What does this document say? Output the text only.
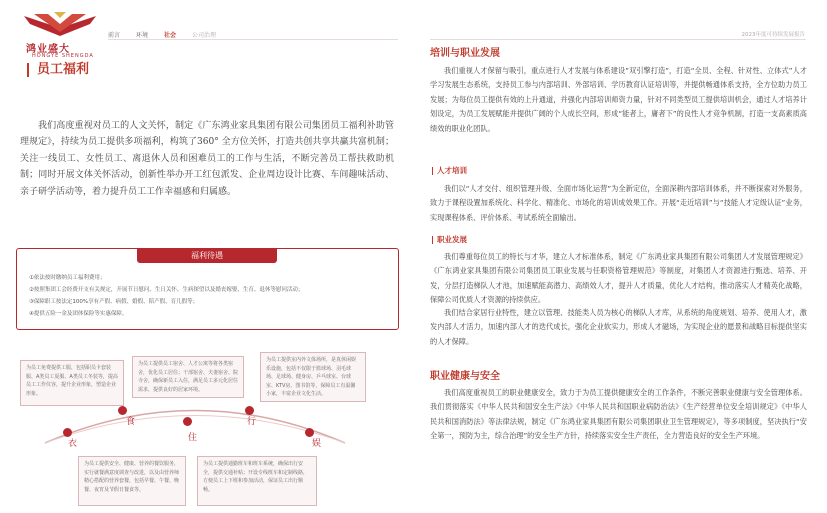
鸿业盛大
HONGYE SHENGDA
前言	环境	社会	公司治理	2023年度可持续发展报告
员工福利

我们高度重视对员工的人文关怀，制定《广东鸿业家具集团有限公司集团员工福利补助管理规定》，持续为员工提供多项福利，构筑了360° 全方位关怀，打造共创共享共赢共富机制；关注一线员工、女性员工、离退休人员和困难员工的工作与生活，不断完善员工帮扶救助机制；同时开展文体关怀活动，创新性举办开工红包派发、企业周边设计比赛、车间趣味活动、亲子研学活动等，着力提升员工工作幸福感和归属感。

福利待遇
①依法按时缴纳员工福利费用；
②按照集团工会经费开支有关规定，开展节日慰问、生日关怀、生病探望以及婚丧嫁娶、生育、退休等慰问活动；
③保障职工按法定100%享有产假、病假、婚假、陪产假、育儿假等；
④提供五险一金及团体保险等实惠保障。
衣
食
住
行
娱
为员工免费提供工服，包括职员卡套装服、A类员工夏服、A类员工冬装等，提高员工工作仪容，提升企业形象，塑造企业形象。
为员工提供员工宿舍、人才公寓等将各类宿舍，优化员工居住；干部宿舍、夫妻宿舍、院寺舍，确保新员工入住，满足员工多元化居住需求，提供良好的居家环境。
为员工提供室内外文体场所，是真休闲娱乐设施，包括不仅限于篮球场、羽毛球场、足球场、健身房、乒乓球室、台球室、KTV房、图书馆等，保障员工有温馨小家，丰富企业文化生活。
为员工提供安全、健康、营养的餐饮服务，实行就餐满意度调查与改进，以及由营养师精心搭配的营养套餐，包括早餐、午餐、晚餐、夜宵及节假日餐食等。
为员工提供通勤班车和班车系统，确保出行安全，提供交通补贴；开设专线班车和定制线路，方便员工上下班和参加活动，保证员工出行顺畅。
培训与职业发展

我们重视人才保留与吸引，重点进行人才发展与体系建设”双引擎打造”，打造“全员、全程、针对性、立体式”人才学习发展生态系统，支持员工参与内部培训、外部培训、学历教育认证培训等，并提供畅通体系支持，全方位助力员工发展；为每位员工提供有效的上升通道，并强化内部培训师资力量，针对不同类型员工提供培训机会，通过人才培养计划设定，为员工发展赋能并提供广阔的个人成长空间，形成“能者上，庸者下”的良性人才竞争机制，打造一支高素质高绩效的职业化团队。

人才培训

我们以“人才交付、组织管理升级、全面市场化运营”为全新定位，全面深耕内部培训体系，并不断探索对外服务，致力于课程设置加系统化、科学化、精准化、市场化的培训成效果工作。开展“走近培训”与“技能人才定级认证”业务，实现课程体系、评价体系、考试系统全面输出。

职业发展

我们尊重每位员工的特长与才华，建立人才标准体系，制定《广东鸿业家具集团有限公司集团人才发展管理规定》《广东鸿业家具集团有限公司集团员工职业发展与任职资格管理规范》等制度，对集团人才资源进行甄选、培养、开发，分层打造梯队人才池，加速赋能高潜力、高绩效人才，提升人才质量，优化人才结构，推动落实人才精英化战略，保障公司优质人才资源的持续供应。

我们结合家居行业特性，建立以管理、技能类人员为核心的梯队人才库，从系统的角度规划、培养、使用人才，激发内部人才活力，加速内部人才的迭代成长，强化企业软实力，形成人才磁场，为实现企业的愿景和战略目标提供坚实的人才保障。

职业健康与安全

我们高度重视员工的职业健康安全，致力于为员工提供健康安全的工作条件，不断完善职业健康与安全管理体系。我们贯彻落实《中华人民共和国安全生产法》《中华人民共和国职业病防治法》《生产经营单位安全培训规定》《中华人民共和国消防法》等法律法规，制定《广东鸿业家具集团有限公司集团职业卫生管理规定》，等多项制度，坚决执行“安全第一，预防为主，综合治理”的安全生产方针，持续落实安全生产责任，全力营造良好的安全生产环境。
